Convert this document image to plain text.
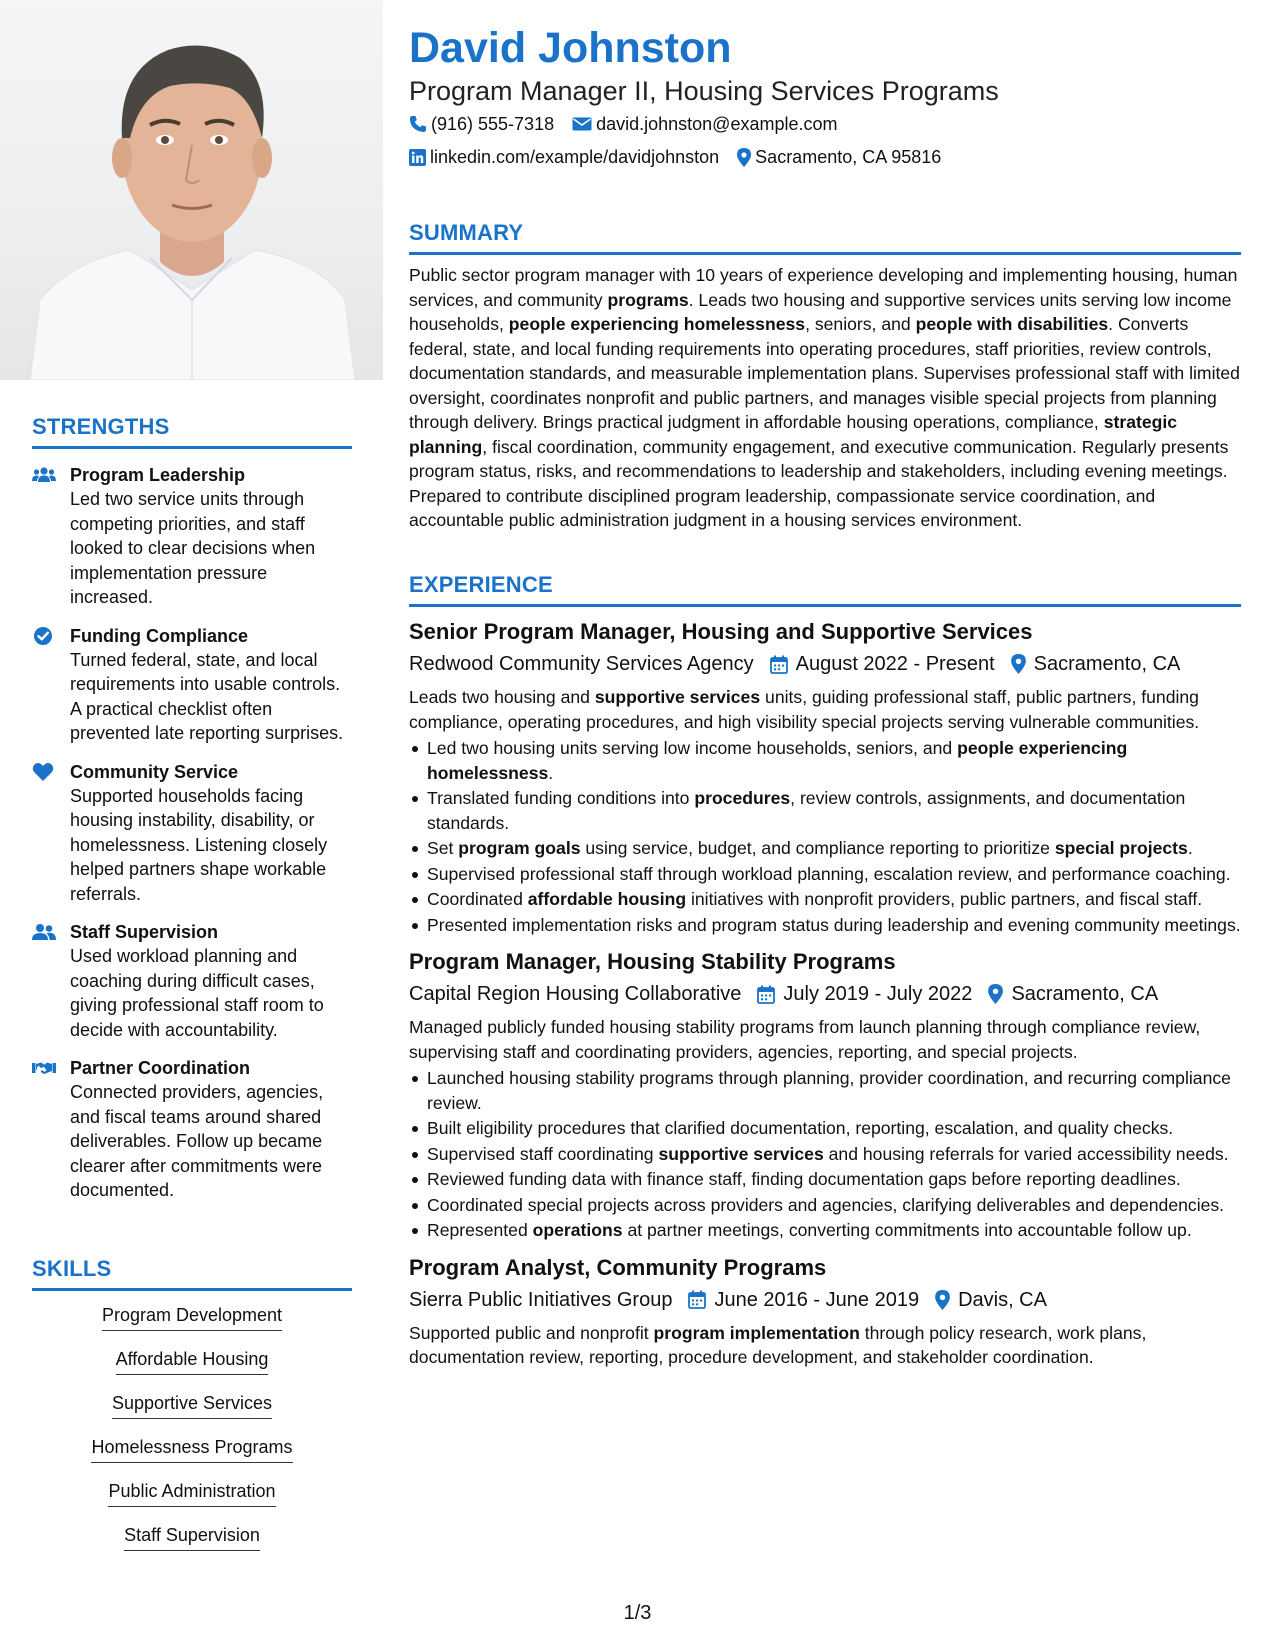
STRENGTHS
Program Leadership
Led two service units through competing priorities, and staff looked to clear decisions when implementation pressure increased.
Funding Compliance
Turned federal, state, and local requirements into usable controls. A practical checklist often prevented late reporting surprises.
Community Service
Supported households facing housing instability, disability, or homelessness. Listening closely helped partners shape workable referrals.
Staff Supervision
Used workload planning and coaching during difficult cases, giving professional staff room to decide with accountability.
Partner Coordination
Connected providers, agencies, and fiscal teams around shared deliverables. Follow up became clearer after commitments were documented.
SKILLS
Program Development
Affordable Housing
Supportive Services
Homelessness Programs
Public Administration
Staff Supervision
David Johnston
Program Manager II, Housing Services Programs
(916) 555-7318 david.johnston@example.com
linkedin.com/example/davidjohnston Sacramento, CA 95816
SUMMARY

Public sector program manager with 10 years of experience developing and implementing housing, human services, and community programs. Leads two housing and supportive services units serving low income households, people experiencing homelessness, seniors, and people with disabilities. Converts federal, state, and local funding requirements into operating procedures, staff priorities, review controls, documentation standards, and measurable implementation plans. Supervises professional staff with limited oversight, coordinates nonprofit and public partners, and manages visible special projects from planning through delivery. Brings practical judgment in affordable housing operations, compliance, strategic planning, fiscal coordination, community engagement, and executive communication. Regularly presents program status, risks, and recommendations to leadership and stakeholders, including evening meetings. Prepared to contribute disciplined program leadership, compassionate service coordination, and accountable public administration judgment in a housing services environment.

EXPERIENCE
Senior Program Manager, Housing and Supportive Services
Redwood Community Services Agency August 2022 - Present Sacramento, CA
Leads two housing and supportive services units, guiding professional staff, public partners, funding compliance, operating procedures, and high visibility special projects serving vulnerable communities.
Led two housing units serving low income households, seniors, and people experiencing homelessness.
Translated funding conditions into procedures, review controls, assignments, and documentation standards.
Set program goals using service, budget, and compliance reporting to prioritize special projects.
Supervised professional staff through workload planning, escalation review, and performance coaching.
Coordinated affordable housing initiatives with nonprofit providers, public partners, and fiscal staff.
Presented implementation risks and program status during leadership and evening community meetings.
Program Manager, Housing Stability Programs
Capital Region Housing Collaborative July 2019 - July 2022 Sacramento, CA
Managed publicly funded housing stability programs from launch planning through compliance review, supervising staff and coordinating providers, agencies, reporting, and special projects.
Launched housing stability programs through planning, provider coordination, and recurring compliance review.
Built eligibility procedures that clarified documentation, reporting, escalation, and quality checks.
Supervised staff coordinating supportive services and housing referrals for varied accessibility needs.
Reviewed funding data with finance staff, finding documentation gaps before reporting deadlines.
Coordinated special projects across providers and agencies, clarifying deliverables and dependencies.
Represented operations at partner meetings, converting commitments into accountable follow up.
Program Analyst, Community Programs
Sierra Public Initiatives Group June 2016 - June 2019 Davis, CA
Supported public and nonprofit program implementation through policy research, work plans, documentation review, reporting, procedure development, and stakeholder coordination.
1/3
